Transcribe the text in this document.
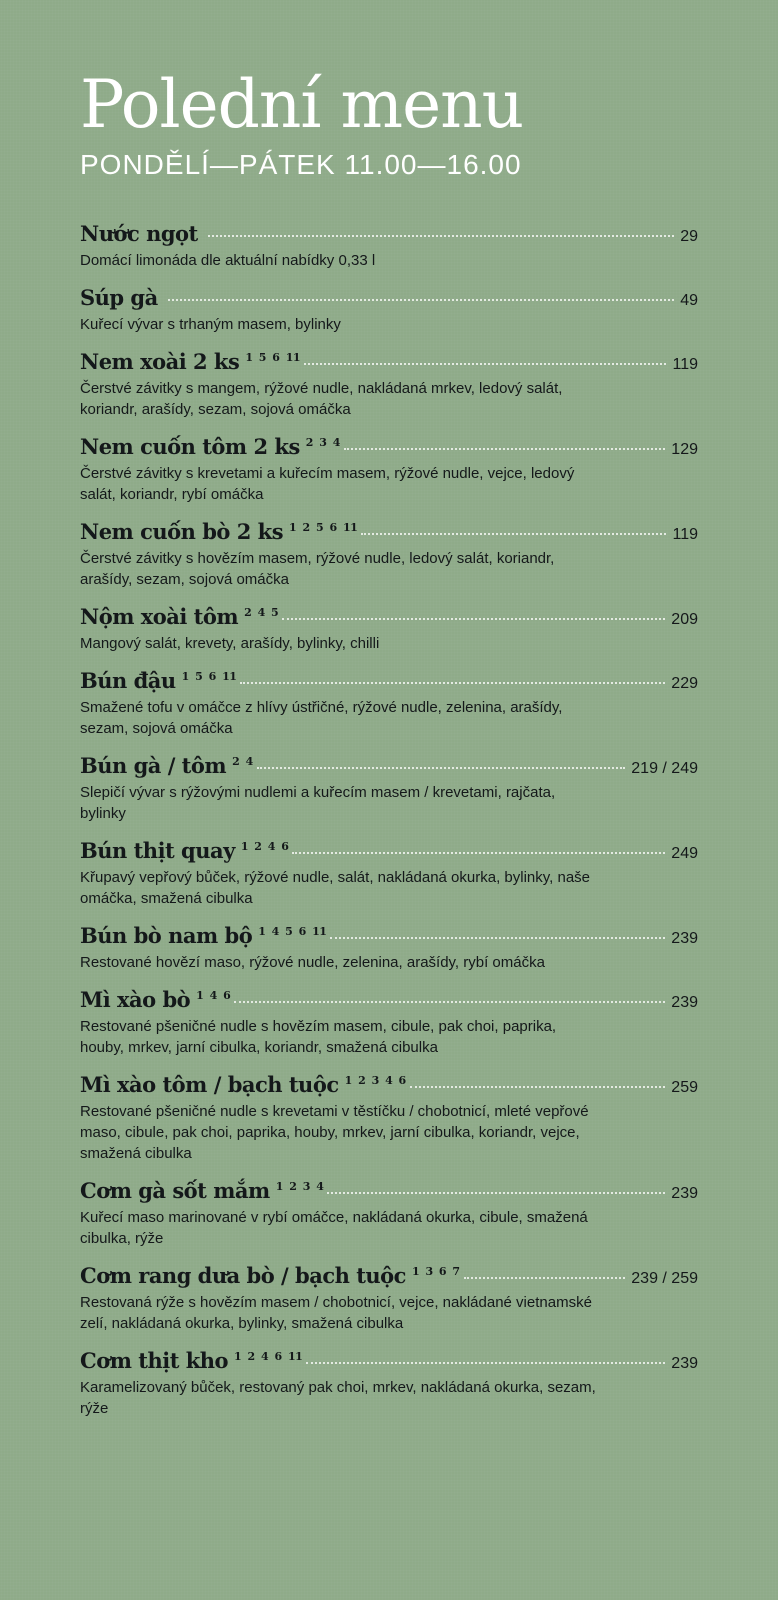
Polední menu
PONDĚLÍ—PÁTEK 11.00—16.00
Nước ngọt	29
Domácí limonáda dle aktuální nabídky 0,33 l
Súp gà	49
Kuřecí vývar s trhaným masem, bylinky
Nem xoài 2 ks $^{1 5 6 11}$	119
Čerstvé závitky s mangem, rýžové nudle, nakládaná mrkev, ledový salát, koriandr, arašídy, sezam, sojová omáčka
Nem cuốn tôm 2 ks $^{2 3 4}$	129
Čerstvé závitky s krevetami a kuřecím masem, rýžové nudle, vejce, ledový salát, koriandr, rybí omáčka
Nem cuốn bò 2 ks $^{1 2 5 6 11}$	119
Čerstvé závitky s hovězím masem, rýžové nudle, ledový salát, koriandr, arašídy, sezam, sojová omáčka
Nộm xoài tôm $^{2 4 5}$	209
Mangový salát, krevety, arašídy, bylinky, chilli
Bún đậu $^{1 5 6 11}$	229
Smažené tofu v omáčce z hlívy ústřičné, rýžové nudle, zelenina, arašídy, sezam, sojová omáčka
Bún gà / tôm $^{2 4}$	219 / 249
Slepičí vývar s rýžovými nudlemi a kuřecím masem / krevetami, rajčata, bylinky
Bún thịt quay $^{1 2 4 6}$	249
Křupavý vepřový bůček, rýžové nudle, salát, nakládaná okurka, bylinky, naše omáčka, smažená cibulka
Bún bò nam bộ $^{1 4 5 6 11}$	239
Restované hovězí maso, rýžové nudle, zelenina, arašídy, rybí omáčka
Mì xào bò $^{1 4 6}$	239
Restované pšeničné nudle s hovězím masem, cibule, pak choi, paprika, houby, mrkev, jarní cibulka, koriandr, smažená cibulka
Mì xào tôm / bạch tuộc $^{1 2 3 4 6}$	259
Restované pšeničné nudle s krevetami v těstíčku / chobotnicí, mleté vepřové maso, cibule, pak choi, paprika, houby, mrkev, jarní cibulka, koriandr, vejce, smažená cibulka
Cơm gà sốt mắm $^{1 2 3 4}$	239
Kuřecí maso marinované v rybí omáčce, nakládaná okurka, cibule, smažená cibulka, rýže
Cơm rang dưa bò / bạch tuộc $^{1 3 6 7}$	239 / 259
Restovaná rýže s hovězím masem / chobotnicí, vejce, nakládané vietnamské zelí, nakládaná okurka, bylinky, smažená cibulka
Cơm thịt kho $^{1 2 4 6 11}$	239
Karamelizovaný bůček, restovaný pak choi, mrkev, nakládaná okurka, sezam, rýže
